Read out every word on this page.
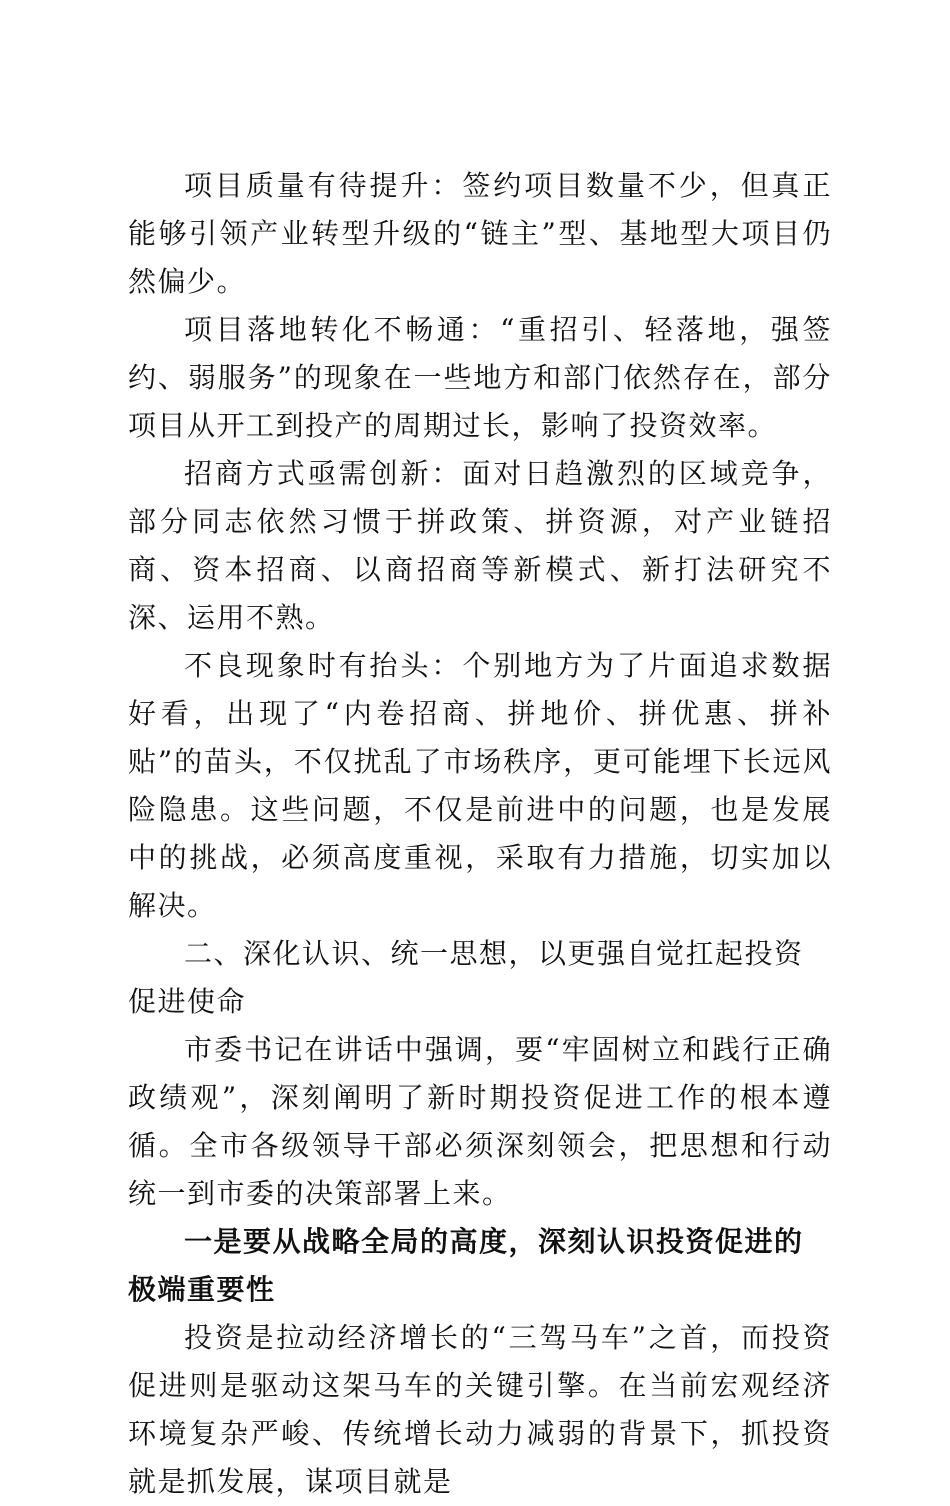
项目质量有待提升：签约项目数量不少，但真正能够引领产业转型升级的“链主”型、基地型大项目仍然偏少。

项目落地转化不畅通：“重招引、轻落地，强签约、弱服务”的现象在一些地方和部门依然存在，部分项目从开工到投产的周期过长，影响了投资效率。

招商方式亟需创新：面对日趋激烈的区域竞争，部分同志依然习惯于拼政策、拼资源，对产业链招商、资本招商、以商招商等新模式、新打法研究不深、运用不熟。

不良现象时有抬头：个别地方为了片面追求数据好看，出现了“内卷招商、拼地价、拼优惠、拼补贴”的苗头，不仅扰乱了市场秩序，更可能埋下长远风险隐患。这些问题，不仅是前进中的问题，也是发展中的挑战，必须高度重视，采取有力措施，切实加以解决。

二、深化认识、统一思想，以更强自觉扛起投资促进使命

市委书记在讲话中强调，要“牢固树立和践行正确政绩观”，深刻阐明了新时期投资促进工作的根本遵循。全市各级领导干部必须深刻领会，把思想和行动统一到市委的决策部署上来。

一是要从战略全局的高度，深刻认识投资促进的极端重要性

投资是拉动经济增长的“三驾马车”之首，而投资促进则是驱动这架马车的关键引擎。在当前宏观经济环境复杂严峻、传统增长动力减弱的背景下，抓投资就是抓发展，谋项目就是
